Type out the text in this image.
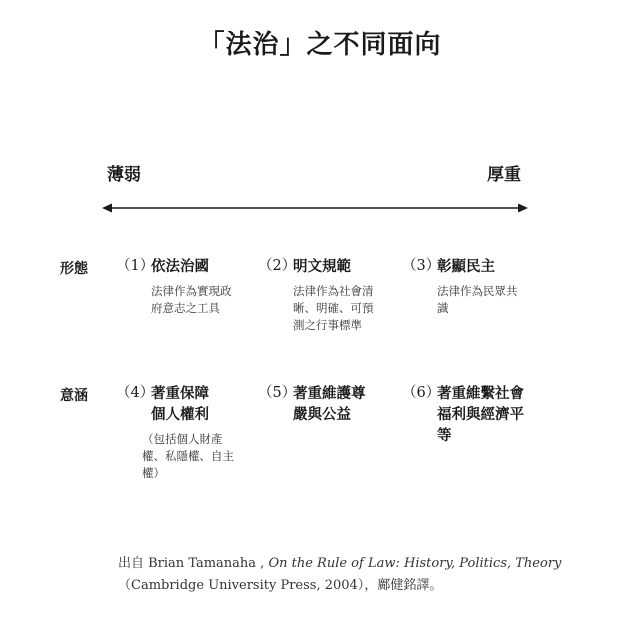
「法治」之不同面向
薄弱	厚重
形態 （1）依法治國
法律作為實現政府意志之工具
（2）明文規範
法律作為社會清晰、明確、可預測之行事標準
（3）彰顯民主
法律作為民眾共識
意涵 （4）著重保障個人權利
（包括個人財產權、私隱權、自主權）
（5）著重維護尊嚴與公益
（6）著重維繫社會福利與經濟平等
出自 Brian Tamanaha , On the Rule of Law: History, Politics, Theory
（Cambridge University Press, 2004），鄺健銘譯。
